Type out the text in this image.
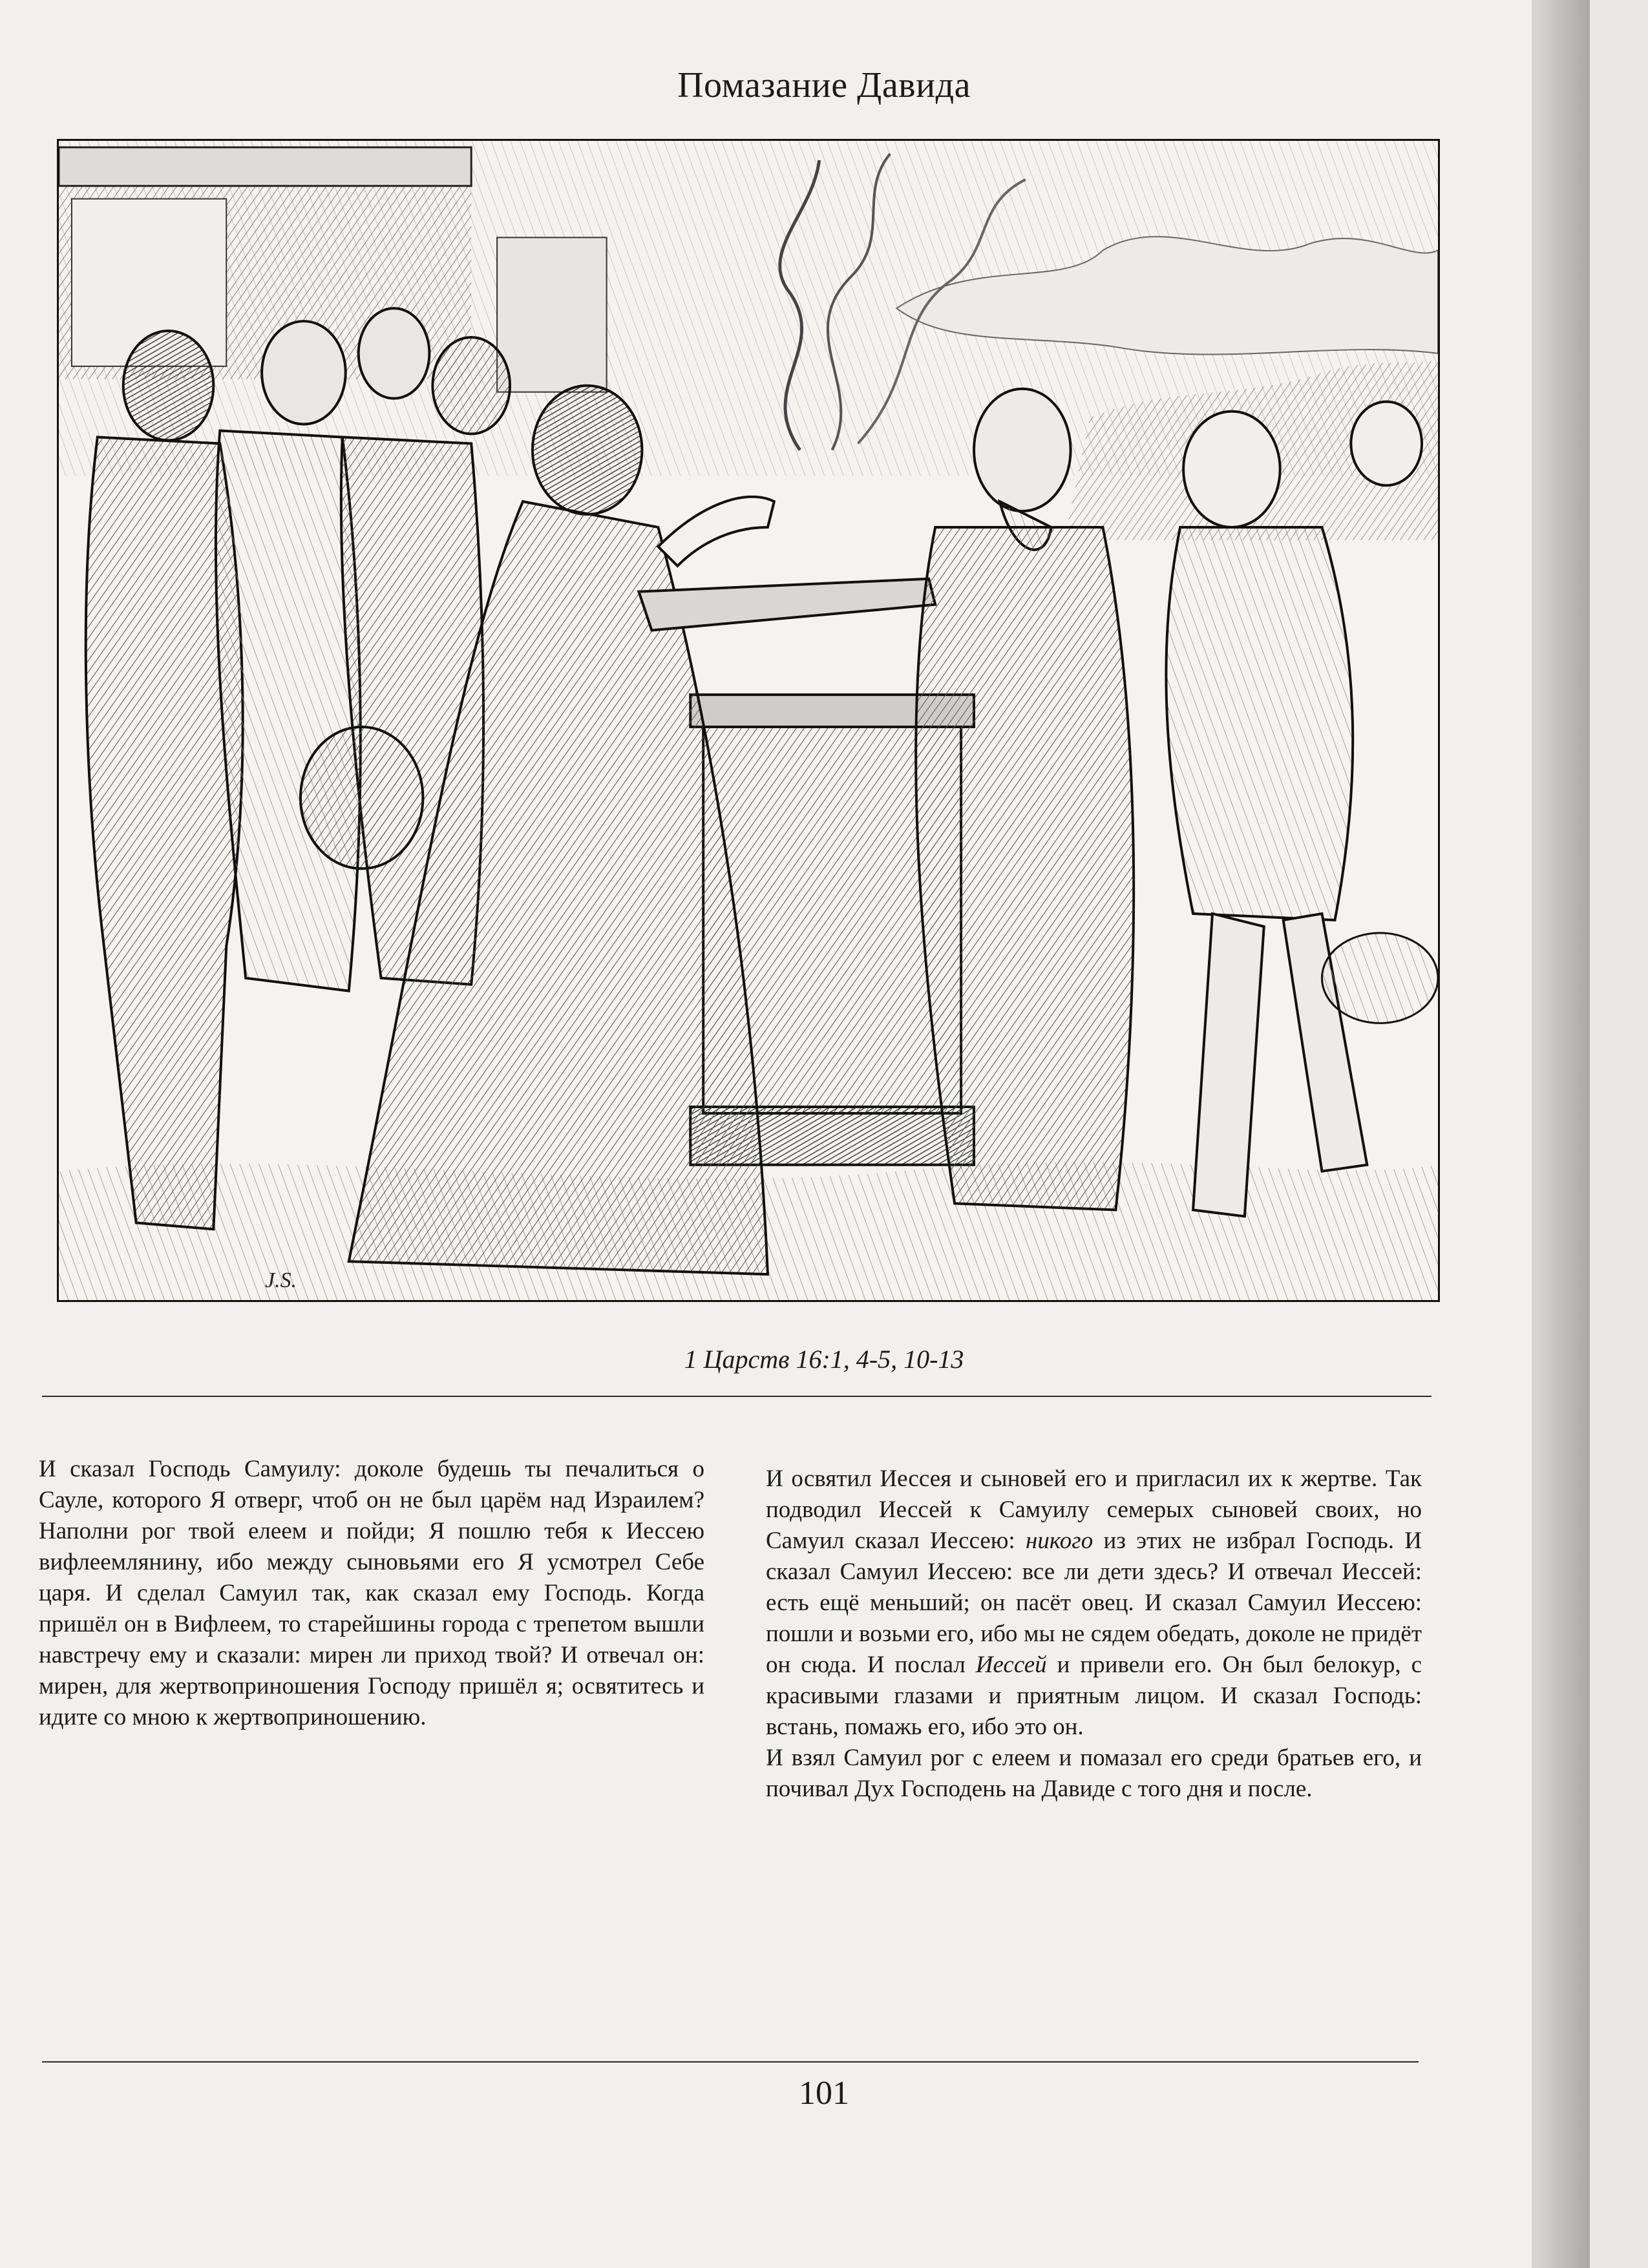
Помазание Давида
J.S.
1 Царств 16:1, 4-5, 10-13

И сказал Господь Самуилу: доколе будешь ты печалиться о Сауле, которого Я отверг, чтоб он не был царём над Израилем? Наполни рог твой елеем и пойди; Я пошлю тебя к Иессею вифлеемлянину, ибо между сыновьями его Я усмотрел Себе царя. И сделал Самуил так, как сказал ему Господь. Когда пришёл он в Вифлеем, то старейшины города с трепетом вышли навстречу ему и сказали: мирен ли приход твой? И отвечал он: мирен, для жертвоприношения Господу пришёл я; освятитесь и идите со мною к жертвоприношению.

И освятил Иессея и сыновей его и пригласил их к жертве. Так подводил Иессей к Самуилу семерых сыновей своих, но Самуил сказал Иессею: никого из этих не избрал Господь. И сказал Самуил Иессею: все ли дети здесь? И отвечал Иессей: есть ещё меньший; он пасёт овец. И сказал Самуил Иессею: пошли и возьми его, ибо мы не сядем обедать, доколе не придёт он сюда. И послал Иессей и привели его. Он был белокур, с красивыми глазами и приятным лицом. И сказал Господь: встань, помажь его, ибо это он.

И взял Самуил рог с елеем и помазал его среди братьев его, и почивал Дух Господень на Давиде с того дня и после.

101
